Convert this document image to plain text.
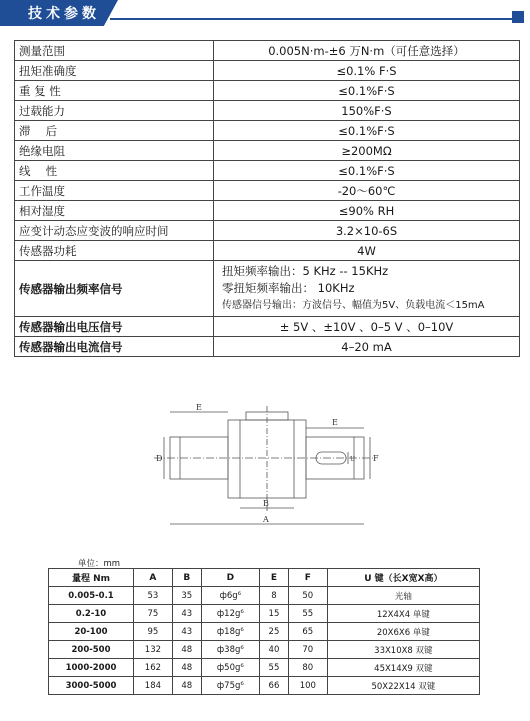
技术参数
测量范围	0.005N·m-±6 万N·m（可任意选择）
扭矩准确度	≤0.1% F·S
重 复 性	≤0.1%F·S
过载能力	150%F·S
滞　 后	≤0.1%F·S
绝缘电阻	≥200MΩ
线　 性	≤0.1%F·S
工作温度	-20～60℃
相对湿度	≤90% RH
应变计动态应变波的响应时间	3.2×10-6S
传感器功耗	4W
传感器输出频率信号	扭矩频率输出：5 KHz -- 15KHz
零扭矩频率输出： 10KHz
传感器信号输出：方波信号、幅值为5V、负载电流＜15mA

传感器输出电压信号	± 5V 、±10V 、0–5 V 、0–10V
传感器输出电流信号	4–20 mA
E
E
D	F
U
B
A
单位：mm
量程 Nm	A	B	D	E	F	U 键（长X宽X高）
0.005-0.1	53	35	ф6g⁶	8	50	光轴
0.2-10	75	43	ф12g⁶	15	55	12X4X4 单键
20-100	95	43	ф18g⁶	25	65	20X6X6 单键
200-500	132	48	ф38g⁶	40	70	33X10X8 双键
1000-2000	162	48	ф50g⁶	55	80	45X14X9 双键
3000-5000	184	48	ф75g⁶	66	100	50X22X14 双键
